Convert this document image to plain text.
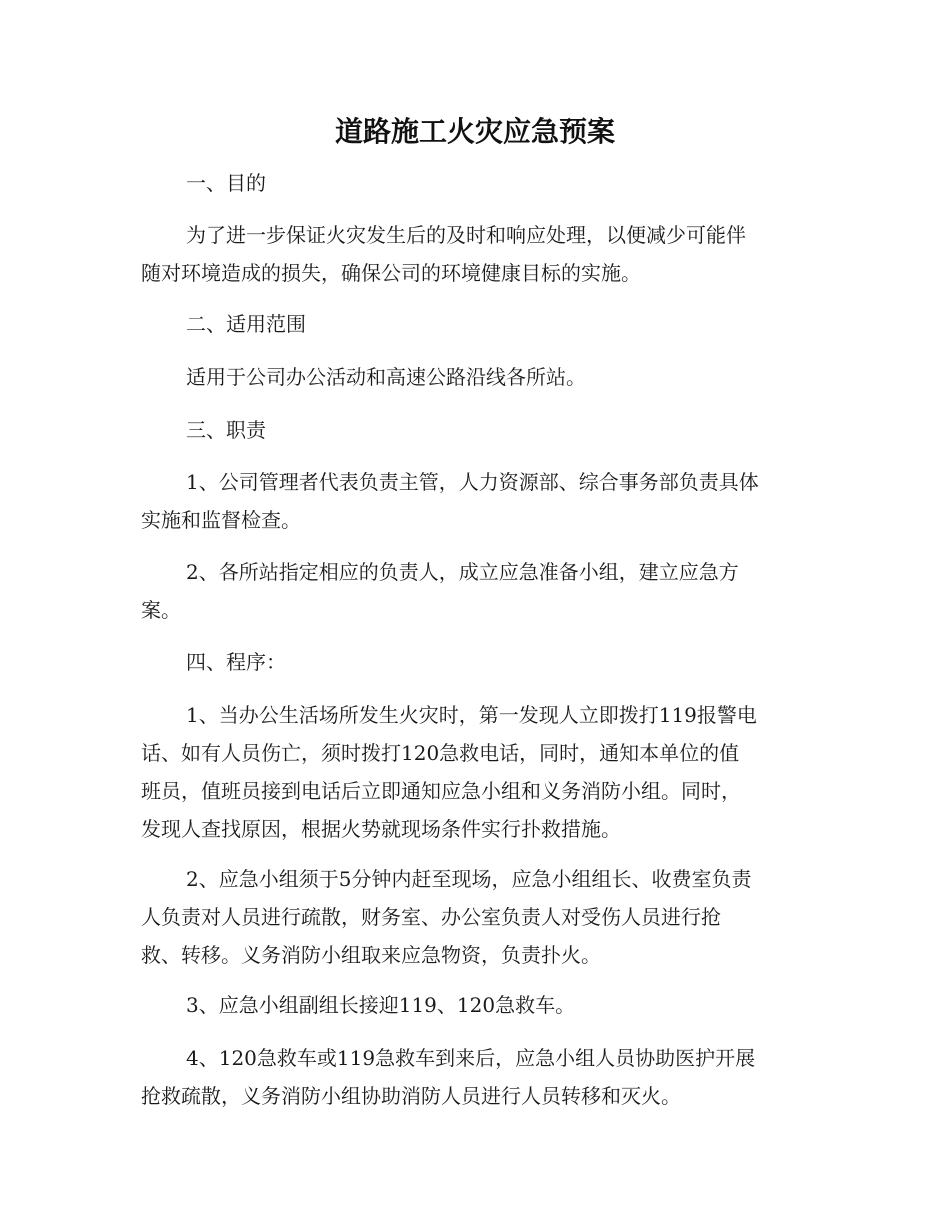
道路施工火灾应急预案

一、目的

为了进一步保证火灾发生后的及时和响应处理，以便减少可能伴
随对环境造成的损失，确保公司的环境健康目标的实施。

二、适用范围

适用于公司办公活动和高速公路沿线各所站。

三、职责

1、公司管理者代表负责主管，人力资源部、综合事务部负责具体
实施和监督检查。

2、各所站指定相应的负责人，成立应急准备小组，建立应急方
案。

四、程序：

1、当办公生活场所发生火灾时，第一发现人立即拨打119报警电
话、如有人员伤亡，须时拨打120急救电话，同时，通知本单位的值
班员，值班员接到电话后立即通知应急小组和义务消防小组。同时，
发现人查找原因，根据火势就现场条件实行扑救措施。

2、应急小组须于5分钟内赶至现场，应急小组组长、收费室负责
人负责对人员进行疏散，财务室、办公室负责人对受伤人员进行抢
救、转移。义务消防小组取来应急物资，负责扑火。

3、应急小组副组长接迎119、120急救车。

4、120急救车或119急救车到来后，应急小组人员协助医护开展
抢救疏散，义务消防小组协助消防人员进行人员转移和灭火。
